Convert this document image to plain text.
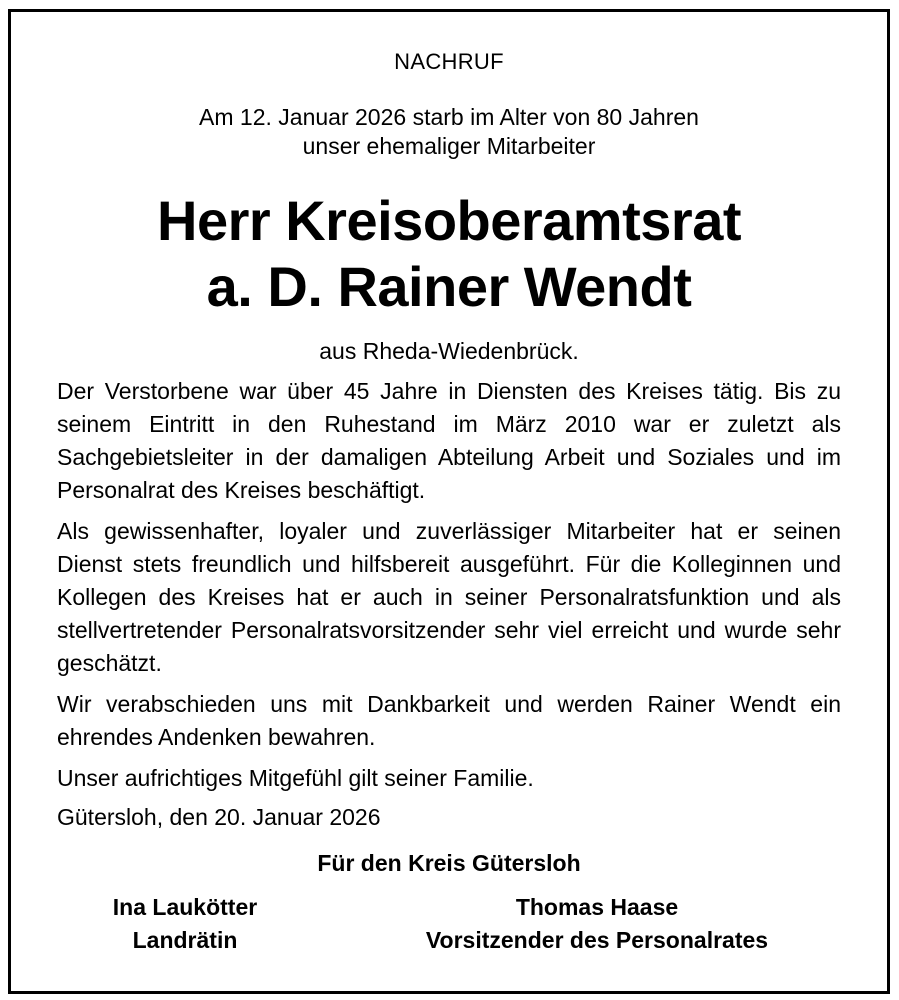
NACHRUF
Am 12. Januar 2026 starb im Alter von 80 Jahren
unser ehemaliger Mitarbeiter
Herr Kreisoberamtsrat
a. D. Rainer Wendt
aus Rheda-Wiedenbrück.

Der Verstorbene war über 45 Jahre in Diensten des Kreises tätig. Bis zu seinem Eintritt in den Ruhestand im März 2010 war er zuletzt als Sachgebietsleiter in der damaligen Abteilung Arbeit und Soziales und im Personalrat des Kreises beschäftigt.

Als gewissenhafter, loyaler und zuverlässiger Mitarbeiter hat er seinen Dienst stets freundlich und hilfsbereit ausgeführt. Für die Kolleginnen und Kollegen des Kreises hat er auch in seiner Personalratsfunktion und als stellvertretender Personalratsvorsitzender sehr viel erreicht und wurde sehr geschätzt.

Wir verabschieden uns mit Dankbarkeit und werden Rainer Wendt ein ehrendes Andenken bewahren.

Unser aufrichtiges Mitgefühl gilt seiner Familie.

Gütersloh, den 20. Januar 2026

Für den Kreis Gütersloh
Ina Laukötter
Landrätin
Thomas Haase
Vorsitzender des Personalrates
